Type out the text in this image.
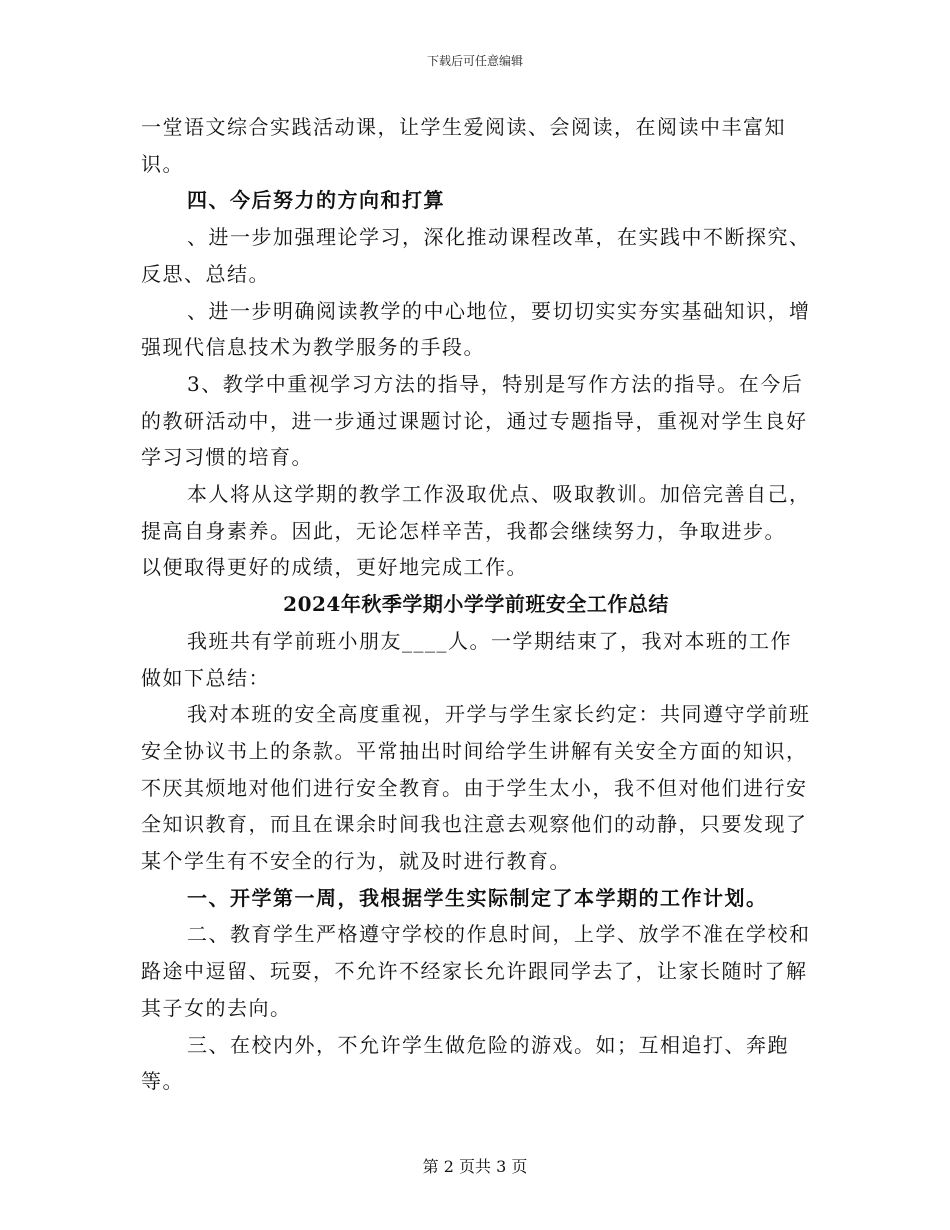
下载后可任意编辑

一堂语文综合实践活动课，让学生爱阅读、会阅读，在阅读中丰富知识。

四、今后努力的方向和打算

、进一步加强理论学习，深化推动课程改革，在实践中不断探究、反思、总结。

、进一步明确阅读教学的中心地位，要切切实实夯实基础知识，增强现代信息技术为教学服务的手段。

3、教学中重视学习方法的指导，特别是写作方法的指导。在今后的教研活动中，进一步通过课题讨论，通过专题指导，重视对学生良好学习习惯的培育。

本人将从这学期的教学工作汲取优点、吸取教训。加倍完善自己，提高自身素养。因此，无论怎样辛苦，我都会继续努力，争取进步。

以便取得更好的成绩，更好地完成工作。

2024年秋季学期小学学前班安全工作总结

我班共有学前班小朋友____人。一学期结束了，我对本班的工作做如下总结：

我对本班的安全高度重视，开学与学生家长约定：共同遵守学前班安全协议书上的条款。平常抽出时间给学生讲解有关安全方面的知识，不厌其烦地对他们进行安全教育。由于学生太小，我不但对他们进行安全知识教育，而且在课余时间我也注意去观察他们的动静，只要发现了某个学生有不安全的行为，就及时进行教育。

一、开学第一周，我根据学生实际制定了本学期的工作计划。

二、教育学生严格遵守学校的作息时间，上学、放学不准在学校和路途中逗留、玩耍，不允许不经家长允许跟同学去了，让家长随时了解其子女的去向。

三、在校内外，不允许学生做危险的游戏。如；互相追打、奔跑等。

第 2 页共 3 页
